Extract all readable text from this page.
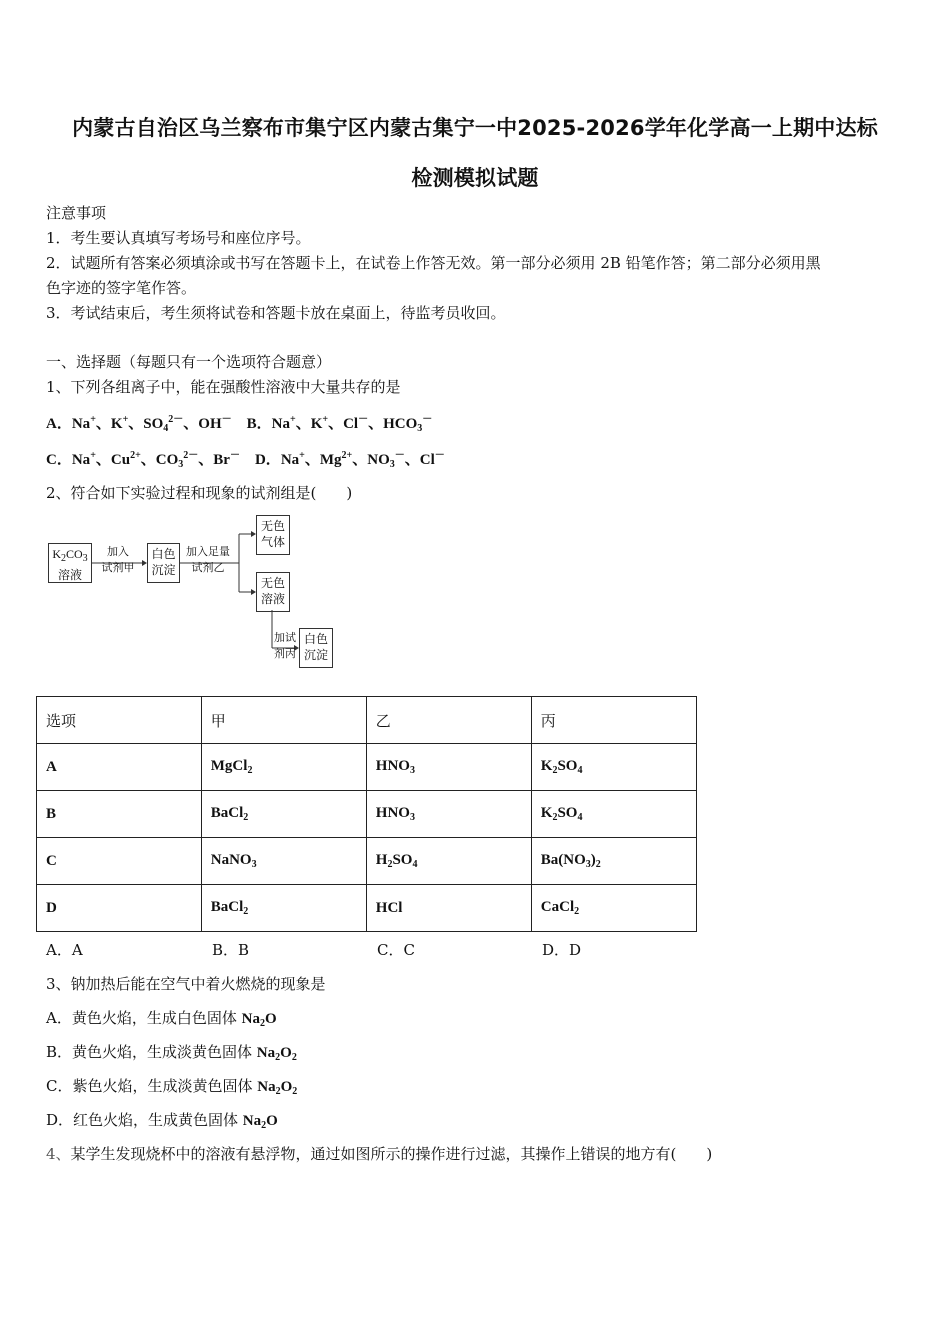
内蒙古自治区乌兰察布市集宁区内蒙古集宁一中2025-2026学年化学高一上期中达标
检测模拟试题
注意事项
1．考生要认真填写考场号和座位序号。
2．试题所有答案必须填涂或书写在答题卡上，在试卷上作答无效。第一部分必须用 2B 铅笔作答；第二部分必须用黑
色字迹的签字笔作答。
3．考试结束后，考生须将试卷和答题卡放在桌面上，待监考员收回。
一、选择题（每题只有一个选项符合题意）
1、下列各组离子中，能在强酸性溶液中大量共存的是
A．Na+、K+、$SO_4^{2-}$、OH－ B．Na+、K+、Cl－、$HCO_3^-$
C．Na+、$Cu^{2+}$、$CO_3^{2-}$、Br－ D．Na+、$Mg^{2+}$、$NO_3^-$、Cl－
2、符合如下实验过程和现象的试剂组是(　　)
$K_2CO_3$
溶液
加入
试剂甲
白色
沉淀
加入足量
试剂乙
无色
气体
无色
溶液
加试
剂丙
白色
沉淀
选项	甲	乙	丙
A	MgCl$_2$	$HNO_3$	$K_2SO_4$
B	BaCl$_2$	$HNO_3$	$K_2SO_4$
C	NaNO$_3$	$H_2SO_4$	$Ba(NO_3)_2$
D	BaCl$_2$	HCl	CaCl$_2$
A．A	B．B	C．C	D．D
3、钠加热后能在空气中着火燃烧的现象是
A．黄色火焰，生成白色固体 $Na_2O$
B．黄色火焰，生成淡黄色固体 $Na_2O_2$
C．紫色火焰，生成淡黄色固体 $Na_2O_2$
D．红色火焰，生成黄色固体 $Na_2O$
4、某学生发现烧杯中的溶液有悬浮物，通过如图所示的操作进行过滤，其操作上错误的地方有(　　)
